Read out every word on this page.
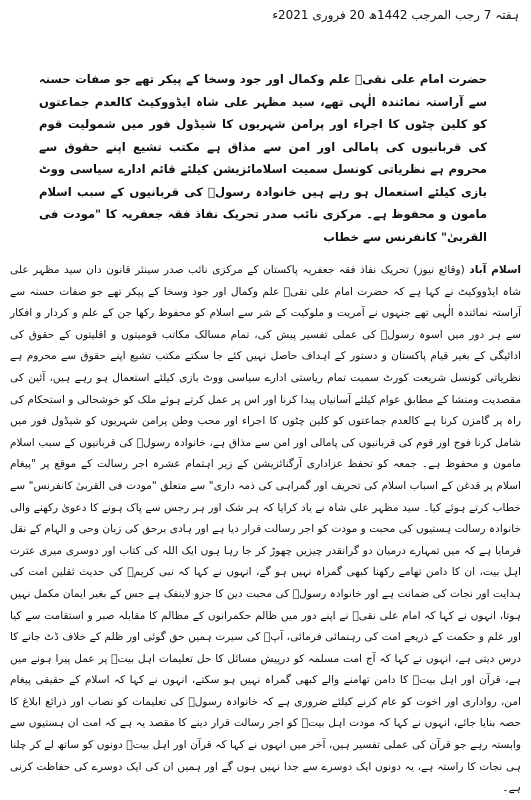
ہفتہ 7 رجب المرجب 1442ھ 20 فروری 2021ء

حضرت امام علی نقیؑ علم وکمال اور جود وسخا کے پیکر تھے جو صفات حسنہ سے آراستہ نمائندہ الٰہی تھے، سید مظہر علی شاہ ایڈووکیٹ کالعدم جماعتوں کو کلین چٹوں کا اجراء اور پرامن شہریوں کا شیڈول فور میں شمولیت قوم کی قربانیوں کی پامالی اور امن سے مذاق ہے مکتب تشیع اپنے حقوق سے محروم ہے نظریاتی کونسل سمیت اسلامائزیشن کیلئے قائم ادارے سیاسی ووٹ بازی کیلئے استعمال ہو رہے ہیں خانوادہ رسولؐ کی قربانیوں کے سبب اسلام مامون و محفوظ ہے۔ مرکزی نائب صدر تحریک نفاذ فقہ جعفریہ کا "مودت فی القربیٰ" کانفرنس سے خطاب

اسلام آباد (وقائع نیوز) تحریک نفاذ فقہ جعفریہ پاکستان کے مرکزی نائب صدر سینئر قانون دان سید مظہر علی شاہ ایڈووکیٹ نے کہا ہے کہ حضرت امام علی نقیؑ علم وکمال اور جود وسخا کے پیکر تھے جو صفات حسنہ سے آراستہ نمائندہ الٰہی تھے جنہوں نے آمریت و ملوکیت کے شر سے اسلام کو محفوظ رکھا جن کے علم و کردار و افکار سے ہر دور میں اسوہ رسولؐ کی عملی تفسیر پیش کی، تمام مسالک مکاتب قومیتوں و اقلیتوں کے حقوق کی ادائیگی کے بغیر قیام پاکستان و دستور کے اہداف حاصل نہیں کئے جا سکتے مکتب تشیع اپنے حقوق سے محروم ہے نظریاتی کونسل شریعت کورٹ سمیت تمام ریاستی ادارے سیاسی ووٹ بازی کیلئے استعمال ہو رہے ہیں، آئین کی مقصدیت ومنشا کے مطابق عوام کیلئے آسانیاں پیدا کرنا اور اس پر عمل کرتے ہوئے ملک کو خوشحالی و استحکام کی راہ پر گامزن کرنا ہے کالعدم جماعتوں کو کلین چٹوں کا اجراء اور محب وطن پرامن شہریوں کو شیڈول فور میں شامل کرنا فوج اور قوم کی قربانیوں کی پامالی اور امن سے مذاق ہے، خانوادہ رسولؐ کی قربانیوں کے سبب اسلام مامون و محفوظ ہے۔ جمعہ کو تحفظ عزاداری آرگنائزیشن کے زیر اہتمام عشرہ اجر رسالت کے موقع پر "پیغام اسلام پر قدغن کے اسباب اسلام کی تحریف اور گمراہی کی ذمہ داری" سے متعلق "مودت فی القربیٰ کانفرنس" سے خطاب کرتے ہوئے کیا۔ سید مظہر علی شاہ نے یاد کرایا کہ ہر شک اور ہر رجس سے پاک ہونے کا دعویٰ رکھنے والی خانوادہ رسالت ہستیوں کی محبت و مودت کو اجر رسالت قرار دیا ہے اور ہادی برحق کی زبان وحی و الہام کے نقل فرمایا ہے کہ میں تمہارے درمیان دو گرانقدر چیزیں چھوڑ کر جا رہا ہوں ایک اللہ کی کتاب اور دوسری میری عترت اہل بیت، ان کا دامن تھامے رکھنا کبھی گمراہ نہیں ہو گے، انہوں نے کہا کہ نبی کریمؐ کی حدیث ثقلین امت کی ہدایت اور نجات کی ضمانت ہے اور خانوادہ رسولؐ کی محبت دین کا جزو لاینفک ہے جس کے بغیر ایمان مکمل نہیں ہوتا، انہوں نے کہا کہ امام علی نقیؑ نے اپنے دور میں ظالم حکمرانوں کے مظالم کا مقابلہ صبر و استقامت سے کیا اور علم و حکمت کے ذریعے امت کی رہنمائی فرمائی، آپؑ کی سیرت ہمیں حق گوئی اور ظلم کے خلاف ڈٹ جانے کا درس دیتی ہے، انہوں نے کہا کہ آج امت مسلمہ کو درپیش مسائل کا حل تعلیمات اہل بیتؑ پر عمل پیرا ہونے میں ہے، قرآن اور اہل بیتؑ کا دامن تھامنے والے کبھی گمراہ نہیں ہو سکتے، انہوں نے کہا کہ اسلام کے حقیقی پیغام امن، رواداری اور اخوت کو عام کرنے کیلئے ضروری ہے کہ خانوادہ رسولؐ کی تعلیمات کو نصاب اور ذرائع ابلاغ کا حصہ بنایا جائے، انہوں نے کہا کہ مودت اہل بیتؑ کو اجر رسالت قرار دینے کا مقصد یہ ہے کہ امت ان ہستیوں سے وابستہ رہے جو قرآن کی عملی تفسیر ہیں، آخر میں انہوں نے کہا کہ قرآن اور اہل بیتؑ دونوں کو ساتھ لے کر چلنا ہی نجات کا راستہ ہے، یہ دونوں ایک دوسرے سے جدا نہیں ہوں گے اور ہمیں ان کی ایک دوسرے کی حفاظت کرنی ہے۔
